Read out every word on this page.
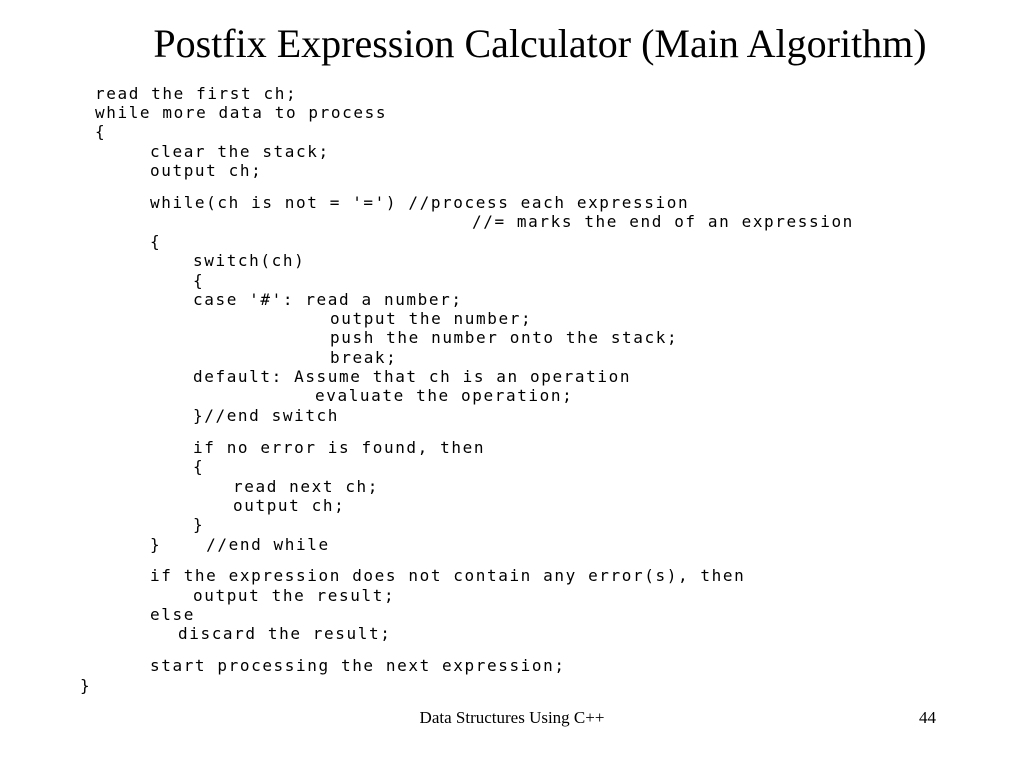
Postfix Expression Calculator (Main Algorithm)
read the first ch;
while more data to process
{
clear the stack;
output ch;
while(ch is not = '=') //process each expression
//= marks the end of an expression
{
switch(ch)
{
case '#': read a number;
output the number;
push the number onto the stack;
break;
default: Assume that ch is an operation
evaluate the operation;
}//end switch
if no error is found, then
{
read next ch;
output ch;
}
}    //end while
if the expression does not contain any error(s), then
output the result;
else
discard the result;
start processing the next expression;
}
Data Structures Using C++	44
